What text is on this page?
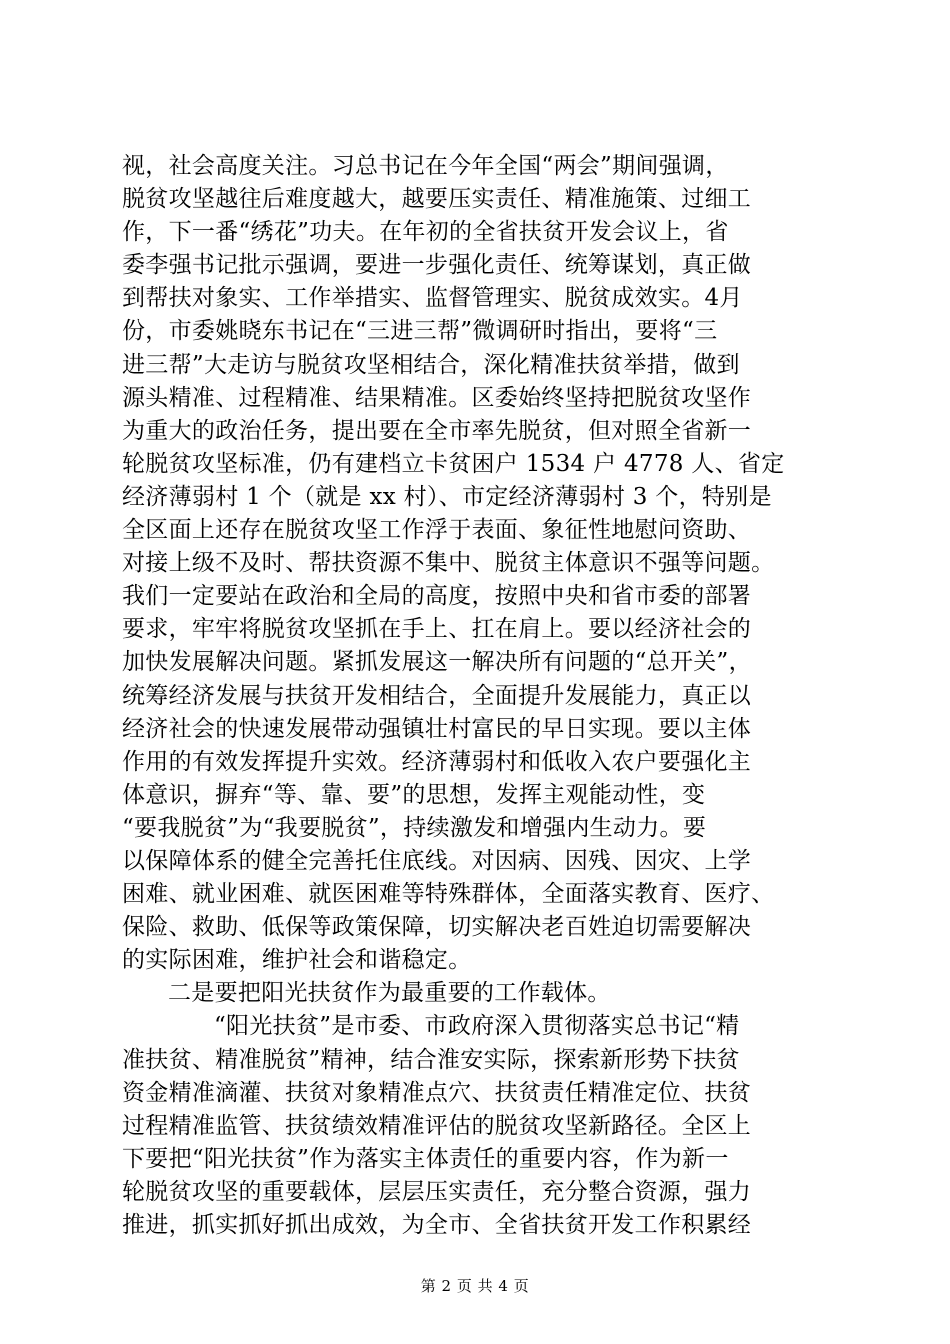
视，社会高度关注。习总书记在今年全国“两会”期间强调，
脱贫攻坚越往后难度越大，越要压实责任、精准施策、过细工
作，下一番“绣花”功夫。在年初的全省扶贫开发会议上，省
委李强书记批示强调，要进一步强化责任、统筹谋划，真正做
到帮扶对象实、工作举措实、监督管理实、脱贫成效实。4月
份，市委姚晓东书记在“三进三帮”微调研时指出，要将“三
进三帮”大走访与脱贫攻坚相结合，深化精准扶贫举措，做到
源头精准、过程精准、结果精准。区委始终坚持把脱贫攻坚作
为重大的政治任务，提出要在全市率先脱贫，但对照全省新一
轮脱贫攻坚标准，仍有建档立卡贫困户 1534 户 4778 人、省定
经济薄弱村 1 个（就是 xx 村）、市定经济薄弱村 3 个，特别是
全区面上还存在脱贫攻坚工作浮于表面、象征性地慰问资助、
对接上级不及时、帮扶资源不集中、脱贫主体意识不强等问题。
我们一定要站在政治和全局的高度，按照中央和省市委的部署
要求，牢牢将脱贫攻坚抓在手上、扛在肩上。要以经济社会的
加快发展解决问题。紧抓发展这一解决所有问题的“总开关”，
统筹经济发展与扶贫开发相结合，全面提升发展能力，真正以
经济社会的快速发展带动强镇壮村富民的早日实现。要以主体
作用的有效发挥提升实效。经济薄弱村和低收入农户要强化主
体意识，摒弃“等、靠、要”的思想，发挥主观能动性，变
“要我脱贫”为“我要脱贫”，持续激发和增强内生动力。要
以保障体系的健全完善托住底线。对因病、因残、因灾、上学
困难、就业困难、就医困难等特殊群体，全面落实教育、医疗、
保险、救助、低保等政策保障，切实解决老百姓迫切需要解决
的实际困难，维护社会和谐稳定。
二是要把阳光扶贫作为最重要的工作载体。
“阳光扶贫”是市委、市政府深入贯彻落实总书记“精
准扶贫、精准脱贫”精神，结合淮安实际，探索新形势下扶贫
资金精准滴灌、扶贫对象精准点穴、扶贫责任精准定位、扶贫
过程精准监管、扶贫绩效精准评估的脱贫攻坚新路径。全区上
下要把“阳光扶贫”作为落实主体责任的重要内容，作为新一
轮脱贫攻坚的重要载体，层层压实责任，充分整合资源，强力
推进，抓实抓好抓出成效，为全市、全省扶贫开发工作积累经
第 2 页 共 4 页
